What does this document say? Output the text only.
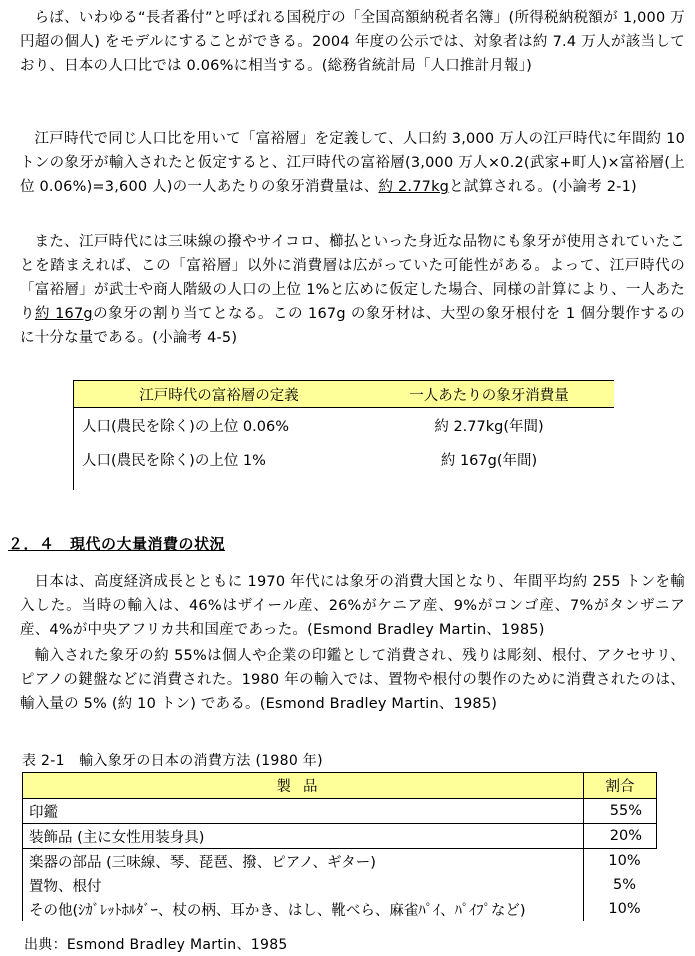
らば、いわゆる“長者番付”と呼ばれる国税庁の「全国高額納税者名簿」(所得税納税額が 1,000 万円超の個人) をモデルにすることができる。2004 年度の公示では、対象者は約 7.4 万人が該当しており、日本の人口比では 0.06%に相当する。(総務省統計局「人口推計月報」)

江戸時代で同じ人口比を用いて「富裕層」を定義して、人口約 3,000 万人の江戸時代に年間約 10 トンの象牙が輸入されたと仮定すると、江戸時代の富裕層(3,000 万人×0.2(武家+町人)×富裕層(上位 0.06%)=3,600 人)の一人あたりの象牙消費量は、約 2.77kgと試算される。(小論考 2-1)

また、江戸時代には三味線の撥やサイコロ、櫛払といった身近な品物にも象牙が使用されていたことを踏まえれば、この「富裕層」以外に消費層は広がっていた可能性がある。よって、江戸時代の「富裕層」が武士や商人階級の人口の上位 1%と広めに仮定した場合、同様の計算により、一人あたり約 167gの象牙の割り当てとなる。この 167g の象牙材は、大型の象牙根付を 1 個分製作するのに十分な量である。(小論考 4-5)

江戸時代の富裕層の定義	一人あたりの象牙消費量
人口(農民を除く)の上位 0.06%	約 2.77kg(年間)
人口(農民を除く)の上位 1%	約 167g(年間)
２．４　現代の大量消費の状況

日本は、高度経済成長とともに 1970 年代には象牙の消費大国となり、年間平均約 255 トンを輸入した。当時の輸入は、46%はザイール産、26%がケニア産、9%がコンゴ産、7%がタンザニア産、4%が中央アフリカ共和国産であった。(Esmond Bradley Martin、1985)

輸入された象牙の約 55%は個人や企業の印鑑として消費され、残りは彫刻、根付、アクセサリ、ピアノの鍵盤などに消費された。1980 年の輸入では、置物や根付の製作のために消費されたのは、輸入量の 5% (約 10 トン) である。(Esmond Bradley Martin、1985)

表 2-1　輸入象牙の日本の消費方法 (1980 年)
製品	割合
印鑑	55%
装飾品 (主に女性用装身具)	20%
楽器の部品 (三味線、琴、琵琶、撥、ピアノ、ギター)	10%
置物、根付	5%
その他(ｼｶﾞﾚｯﾄﾎﾙﾀﾞｰ、杖の柄、耳かき、はし、靴べら、麻雀ﾊﾟｲ、ﾊﾟｲﾌﾟなど)	10%
出典：Esmond Bradley Martin、1985
